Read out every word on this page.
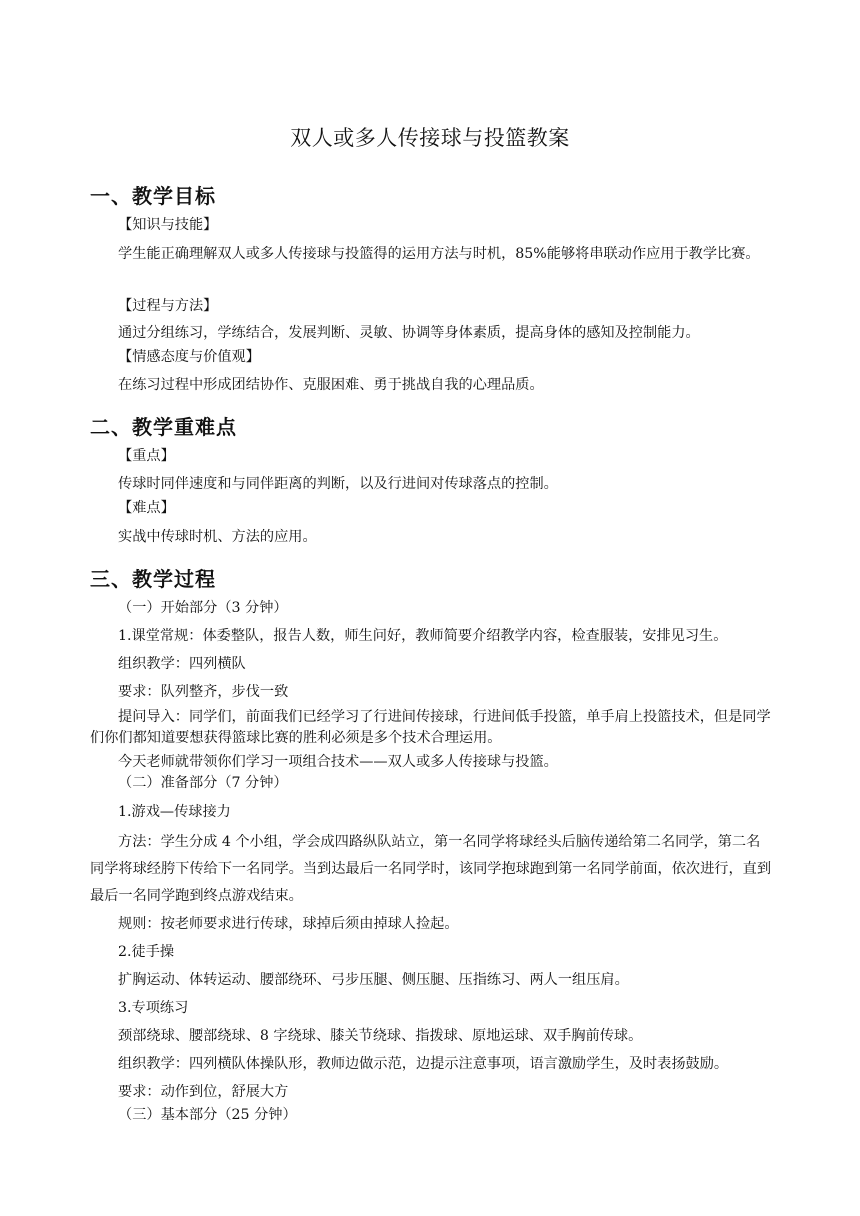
双人或多人传接球与投篮教案
一、教学目标
【知识与技能】
学生能正确理解双人或多人传接球与投篮得的运用方法与时机，85%能够将串联动作应用于教学比赛。
【过程与方法】
通过分组练习，学练结合，发展判断、灵敏、协调等身体素质，提高身体的感知及控制能力。
【情感态度与价值观】
在练习过程中形成团结协作、克服困难、勇于挑战自我的心理品质。
二、教学重难点
【重点】
传球时同伴速度和与同伴距离的判断，以及行进间对传球落点的控制。
【难点】
实战中传球时机、方法的应用。
三、教学过程
（一）开始部分（3 分钟）
1.课堂常规：体委整队，报告人数，师生问好，教师简要介绍教学内容，检查服装，安排见习生。
组织教学：四列横队
要求：队列整齐，步伐一致
提问导入：同学们，前面我们已经学习了行进间传接球，行进间低手投篮，单手肩上投篮技术，但是同学们你们都知道要想获得篮球比赛的胜利必须是多个技术合理运用。
今天老师就带领你们学习一项组合技术——双人或多人传接球与投篮。
（二）准备部分（7 分钟）
1.游戏—传球接力
方法：学生分成 4 个小组，学会成四路纵队站立，第一名同学将球经头后脑传递给第二名同学，第二名同学将球经胯下传给下一名同学。当到达最后一名同学时，该同学抱球跑到第一名同学前面，依次进行，直到最后一名同学跑到终点游戏结束。
规则：按老师要求进行传球，球掉后须由掉球人捡起。
2.徒手操
扩胸运动、体转运动、腰部绕环、弓步压腿、侧压腿、压指练习、两人一组压肩。
3.专项练习
颈部绕球、腰部绕球、8 字绕球、膝关节绕球、指拨球、原地运球、双手胸前传球。
组织教学：四列横队体操队形，教师边做示范，边提示注意事项，语言激励学生，及时表扬鼓励。
要求：动作到位，舒展大方
（三）基本部分（25 分钟）
